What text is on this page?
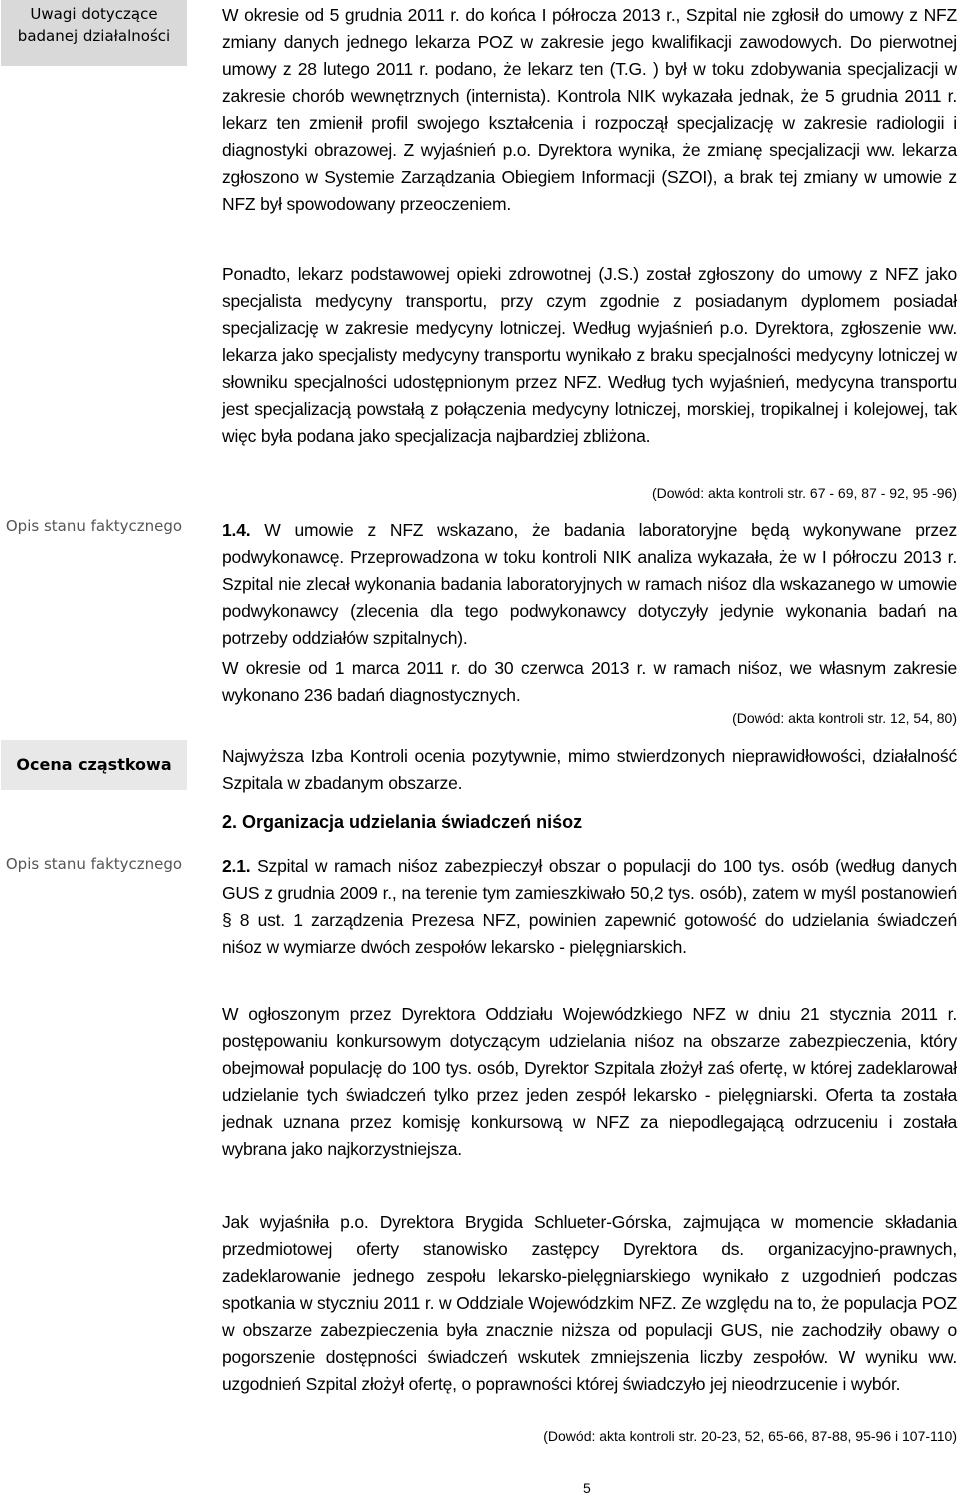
Uwagi dotyczące badanej działalności
Opis stanu faktycznego
Ocena cząstkowa
Opis stanu faktycznego
W okresie od 5 grudnia 2011 r. do końca I półrocza 2013 r., Szpital nie zgłosił do umowy z NFZ zmiany danych jednego lekarza POZ w zakresie jego kwalifikacji zawodowych. Do pierwotnej umowy z 28 lutego 2011 r. podano, że lekarz ten (T.G. ) był w toku zdobywania specjalizacji w zakresie chorób wewnętrznych (internista). Kontrola NIK wykazała jednak, że 5 grudnia 2011 r. lekarz ten zmienił profil swojego kształcenia i rozpoczął specjalizację w zakresie radiologii i diagnostyki obrazowej. Z wyjaśnień p.o. Dyrektora wynika, że zmianę specjalizacji ww. lekarza zgłoszono w Systemie Zarządzania Obiegiem Informacji (SZOI), a brak tej zmiany w umowie z NFZ był spowodowany przeoczeniem.
Ponadto, lekarz podstawowej opieki zdrowotnej (J.S.) został zgłoszony do umowy z NFZ jako specjalista medycyny transportu, przy czym zgodnie z posiadanym dyplomem posiadał specjalizację w zakresie medycyny lotniczej. Według wyjaśnień p.o. Dyrektora, zgłoszenie ww. lekarza jako specjalisty medycyny transportu wynikało z braku specjalności medycyny lotniczej w słowniku specjalności udostępnionym przez NFZ. Według tych wyjaśnień, medycyna transportu jest specjalizacją powstałą z połączenia medycyny lotniczej, morskiej, tropikalnej i kolejowej, tak więc była podana jako specjalizacja najbardziej zbliżona.
(Dowód: akta kontroli str. 67 - 69, 87 - 92, 95 -96)
1.4. W umowie z NFZ wskazano, że badania laboratoryjne będą wykonywane przez podwykonawcę. Przeprowadzona w toku kontroli NIK analiza wykazała, że w I półroczu 2013 r. Szpital nie zlecał wykonania badania laboratoryjnych w ramach niśoz dla wskazanego w umowie podwykonawcy (zlecenia dla tego podwykonawcy dotyczyły jedynie wykonania badań na potrzeby oddziałów szpitalnych).
W okresie od 1 marca 2011 r. do 30 czerwca 2013 r. w ramach niśoz, we własnym zakresie wykonano 236 badań diagnostycznych.
(Dowód: akta kontroli str. 12, 54, 80)
Najwyższa Izba Kontroli ocenia pozytywnie, mimo stwierdzonych nieprawidłowości, działalność Szpitala w zbadanym obszarze.
2. Organizacja udzielania świadczeń niśoz
2.1. Szpital w ramach niśoz zabezpieczył obszar o populacji do 100 tys. osób (według danych GUS z grudnia 2009 r., na terenie tym zamieszkiwało 50,2 tys. osób), zatem w myśl postanowień § 8 ust. 1 zarządzenia Prezesa NFZ, powinien zapewnić gotowość do udzielania świadczeń niśoz w wymiarze dwóch zespołów lekarsko - pielęgniarskich.
W ogłoszonym przez Dyrektora Oddziału Wojewódzkiego NFZ w dniu 21 stycznia 2011 r. postępowaniu konkursowym dotyczącym udzielania niśoz na obszarze zabezpieczenia, który obejmował populację do 100 tys. osób, Dyrektor Szpitala złożył zaś ofertę, w której zadeklarował udzielanie tych świadczeń tylko przez jeden zespół lekarsko - pielęgniarski. Oferta ta została jednak uznana przez komisję konkursową w NFZ za niepodlegającą odrzuceniu i została wybrana jako najkorzystniejsza.
Jak wyjaśniła p.o. Dyrektora Brygida Schlueter-Górska, zajmująca w momencie składania przedmiotowej oferty stanowisko zastępcy Dyrektora ds. organizacyjno-prawnych, zadeklarowanie jednego zespołu lekarsko-pielęgniarskiego wynikało z uzgodnień podczas spotkania w styczniu 2011 r. w Oddziale Wojewódzkim NFZ. Ze względu na to, że populacja POZ w obszarze zabezpieczenia była znacznie niższa od populacji GUS, nie zachodziły obawy o pogorszenie dostępności świadczeń wskutek zmniejszenia liczby zespołów. W wyniku ww. uzgodnień Szpital złożył ofertę, o poprawności której świadczyło jej nieodrzucenie i wybór.
(Dowód: akta kontroli str. 20-23, 52, 65-66, 87-88, 95-96 i 107-110)
5
